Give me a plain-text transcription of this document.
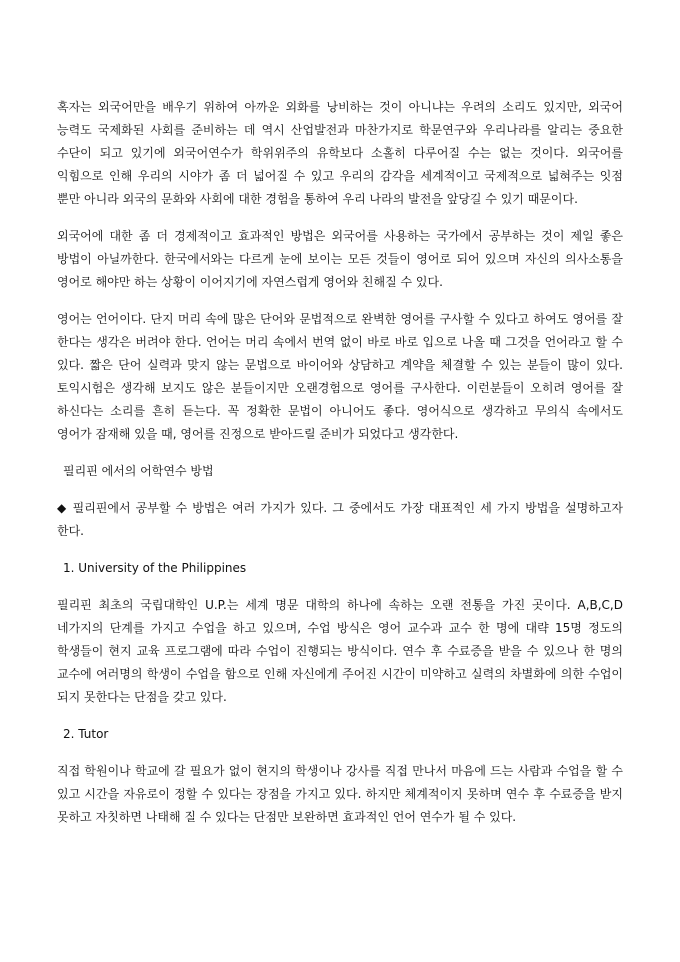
혹자는 외국어만을 배우기 위하여 아까운 외화를 낭비하는 것이 아니냐는 우려의 소리도 있지만, 외국어 능력도 국제화된 사회를 준비하는 데 역시 산업발전과 마찬가지로 학문연구와 우리나라를 알리는 중요한 수단이 되고 있기에 외국어연수가 학위위주의 유학보다 소홀히 다루어질 수는 없는 것이다. 외국어를 익힘으로 인해 우리의 시야가 좀 더 넓어질 수 있고 우리의 감각을 세계적이고 국제적으로 넓혀주는 잇점 뿐만 아니라 외국의 문화와 사회에 대한 경험을 통하여 우리 나라의 발전을 앞당길 수 있기 때문이다.

외국어에 대한 좀 더 경제적이고 효과적인 방법은 외국어를 사용하는 국가에서 공부하는 것이 제일 좋은 방법이 아닐까한다. 한국에서와는 다르게 눈에 보이는 모든 것들이 영어로 되어 있으며 자신의 의사소통을 영어로 해야만 하는 상황이 이어지기에 자연스럽게 영어와 친해질 수 있다.

영어는 언어이다. 단지 머리 속에 많은 단어와 문법적으로 완벽한 영어를 구사할 수 있다고 하여도 영어를 잘 한다는 생각은 버려야 한다. 언어는 머리 속에서 번역 없이 바로 바로 입으로 나올 때 그것을 언어라고 할 수 있다. 짧은 단어 실력과 맞지 않는 문법으로 바이어와 상담하고 계약을 체결할 수 있는 분들이 많이 있다. 토익시험은 생각해 보지도 않은 분들이지만 오랜경험으로 영어를 구사한다. 이런분들이 오히려 영어를 잘 하신다는 소리를 흔히 듣는다. 꼭 정확한 문법이 아니어도 좋다. 영어식으로 생각하고 무의식 속에서도 영어가 잠재해 있을 때, 영어를 진정으로 받아드릴 준비가 되었다고 생각한다.

필리핀 에서의 어학연수 방법

◆ 필리핀에서 공부할 수 방법은 여러 가지가 있다. 그 중에서도 가장 대표적인 세 가지 방법을 설명하고자 한다.

1. University of the Philippines

필리핀 최초의 국립대학인 U.P.는 세계 명문 대학의 하나에 속하는 오랜 전통을 가진 곳이다. A,B,C,D 네가지의 단계를 가지고 수업을 하고 있으며, 수업 방식은 영어 교수과 교수 한 명에 대략 15명 정도의 학생들이 현지 교육 프로그램에 따라 수업이 진행되는 방식이다. 연수 후 수료증을 받을 수 있으나 한 명의 교수에 여러명의 학생이 수업을 함으로 인해 자신에게 주어진 시간이 미약하고 실력의 차별화에 의한 수업이 되지 못한다는 단점을 갖고 있다.

2. Tutor

직접 학원이나 학교에 갈 필요가 없이 현지의 학생이나 강사를 직접 만나서 마음에 드는 사람과 수업을 할 수 있고 시간을 자유로이 정할 수 있다는 장점을 가지고 있다. 하지만 체계적이지 못하며 연수 후 수료증을 받지 못하고 자칫하면 나태해 질 수 있다는 단점만 보완하면 효과적인 언어 연수가 될 수 있다.
